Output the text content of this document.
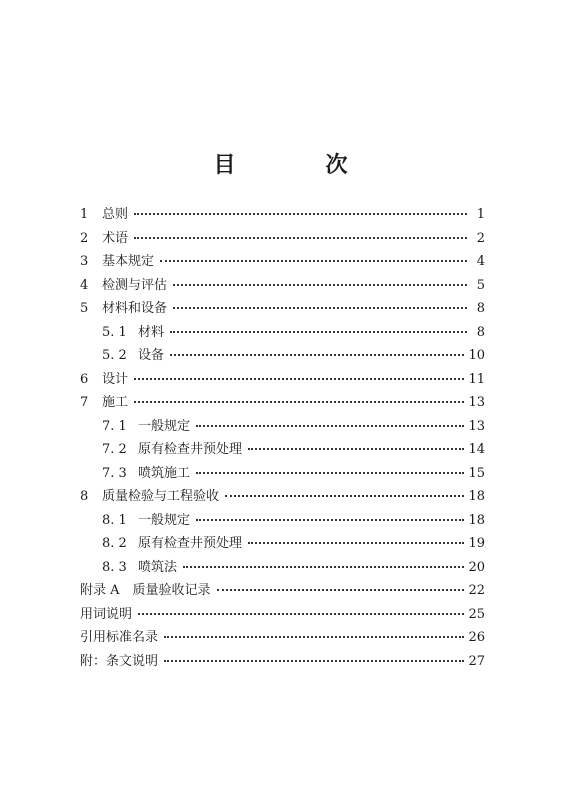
目　次
1	总则	1
2	术语	2
3	基本规定	4
4	检测与评估	5
5	材料和设备	8
5. 1 材料	8
5. 2 设备	10
6	设计	11
7	施工	13
7. 1 一般规定	13
7. 2 原有检查井预处理	14
7. 3 喷筑施工	15
8	质量检验与工程验收	18
8. 1 一般规定	18
8. 2 原有检查井预处理	19
8. 3 喷筑法	20
附录 A　质量验收记录	22
用词说明	25
引用标准名录	26
附：条文说明	27
